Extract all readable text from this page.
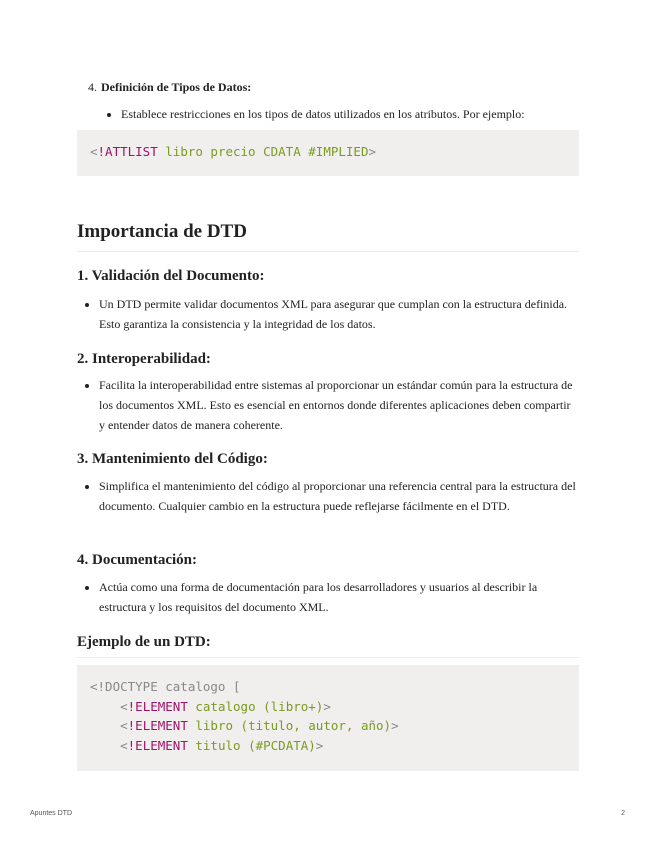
4. Definición de Tipos de Datos:
• Establece restricciones en los tipos de datos utilizados en los atributos. Por ejemplo:
<!ATTLIST libro precio CDATA #IMPLIED>
Importancia de DTD
1. Validación del Documento:
• Un DTD permite validar documentos XML para asegurar que cumplan con la estructura definida. Esto garantiza la consistencia y la integridad de los datos.
2. Interoperabilidad:
• Facilita la interoperabilidad entre sistemas al proporcionar un estándar común para la estructura de los documentos XML. Esto es esencial en entornos donde diferentes aplicaciones deben compartir y entender datos de manera coherente.
3. Mantenimiento del Código:
• Simplifica el mantenimiento del código al proporcionar una referencia central para la estructura del documento. Cualquier cambio en la estructura puede reflejarse fácilmente en el DTD.
4. Documentación:
• Actúa como una forma de documentación para los desarrolladores y usuarios al describir la estructura y los requisitos del documento XML.
Ejemplo de un DTD:
<!DOCTYPE catalogo [
<!ELEMENT catalogo (libro+)>
<!ELEMENT libro (titulo, autor, año)>
<!ELEMENT titulo (#PCDATA)>
Apuntes DTD	2
